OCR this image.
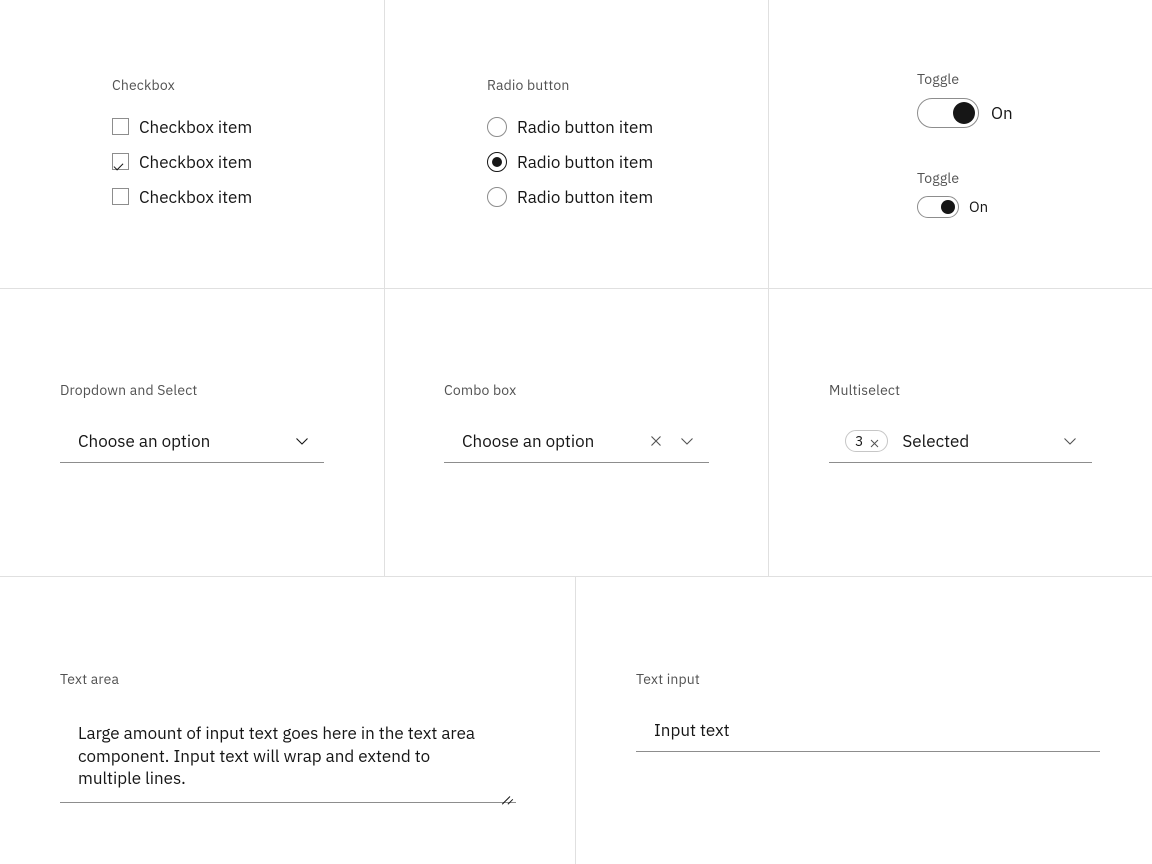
Checkbox
Checkbox item
Checkbox item
Checkbox item
Radio button
Radio button item
Radio button item
Radio button item
Toggle
On
Toggle
On
Dropdown and Select
Choose an option
Combo box
Choose an option
Multiselect
3 Selected
Text area
Large amount of input text goes here in the text area component. Input text will wrap and extend to multiple lines.
Text input
Input text
